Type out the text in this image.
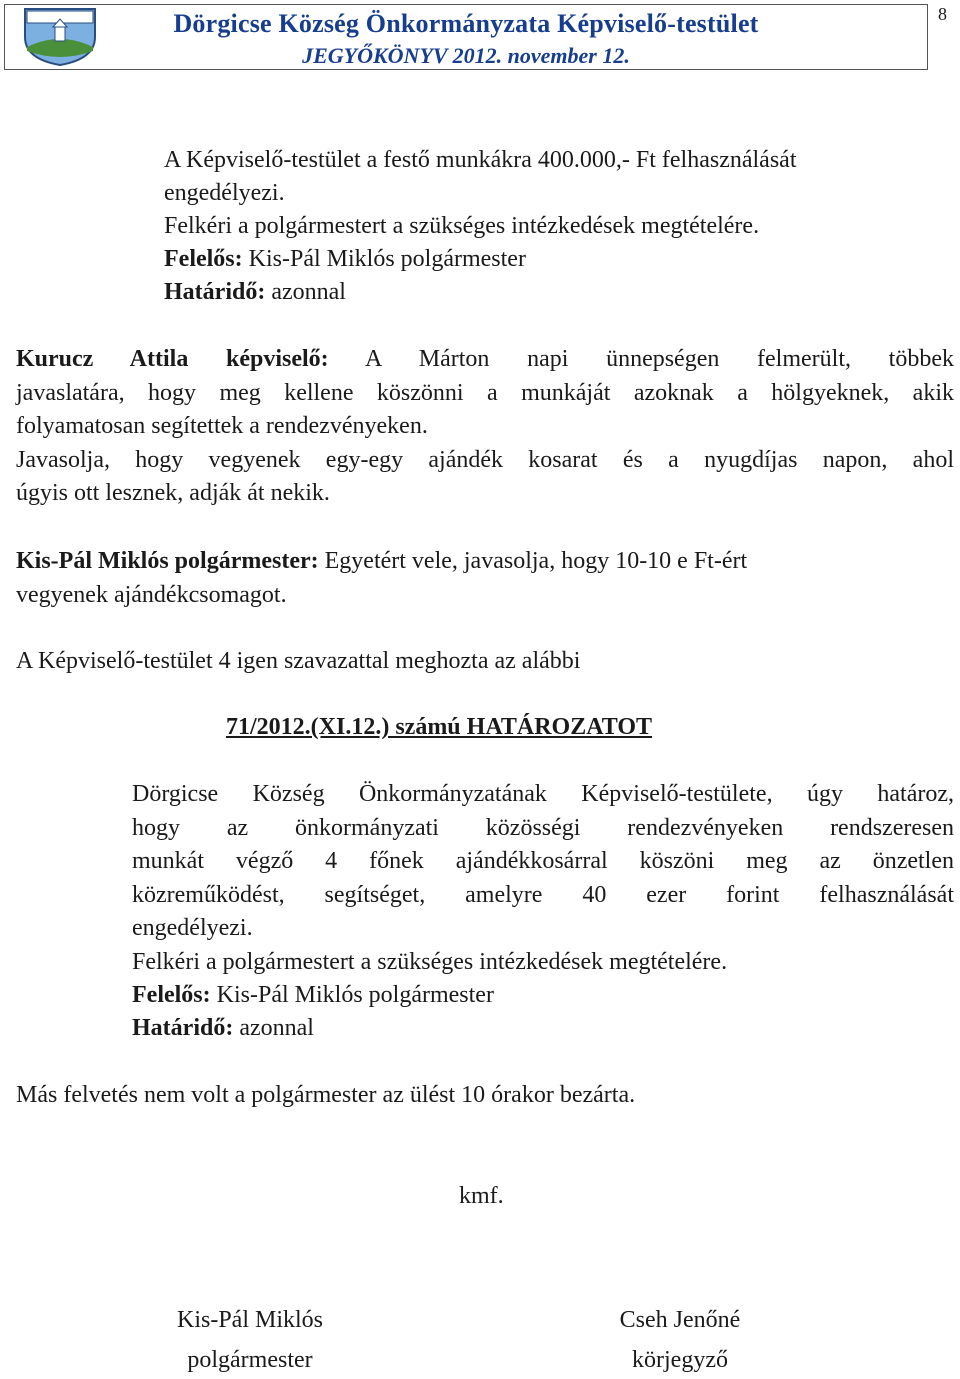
Dörgicse Község Önkormányzata Képviselő-testület
JEGYŐKÖNYV 2012. november 12.
8
A Képviselő-testület a festő munkákra 400.000,- Ft felhasználását
engedélyezi.
Felkéri a polgármestert a szükséges intézkedések megtételére.
Felelős: Kis-Pál Miklós polgármester
Határidő: azonnal
Kurucz Attila képviselő: A Márton napi ünnepségen felmerült, többek
javaslatára, hogy meg kellene köszönni a munkáját azoknak a hölgyeknek, akik
folyamatosan segítettek a rendezvényeken.
Javasolja, hogy vegyenek egy-egy ajándék kosarat és a nyugdíjas napon, ahol
úgyis ott lesznek, adják át nekik.
Kis-Pál Miklós polgármester: Egyetért vele, javasolja, hogy 10-10 e Ft-ért
vegyenek ajándékcsomagot.
A Képviselő-testület 4 igen szavazattal meghozta az alábbi
71/2012.(XI.12.) számú HATÁROZATOT
Dörgicse Község Önkormányzatának Képviselő-testülete, úgy határoz,
hogy az önkormányzati közösségi rendezvényeken rendszeresen
munkát végző 4 főnek ajándékkosárral köszöni meg az önzetlen
közreműködést, segítséget, amelyre 40 ezer forint felhasználását
engedélyezi.
Felkéri a polgármestert a szükséges intézkedések megtételére.
Felelős: Kis-Pál Miklós polgármester
Határidő: azonnal
Más felvetés nem volt a polgármester az ülést 10 órakor bezárta.
kmf.
Kis-Pál Miklós
polgármester
Cseh Jenőné
körjegyző
